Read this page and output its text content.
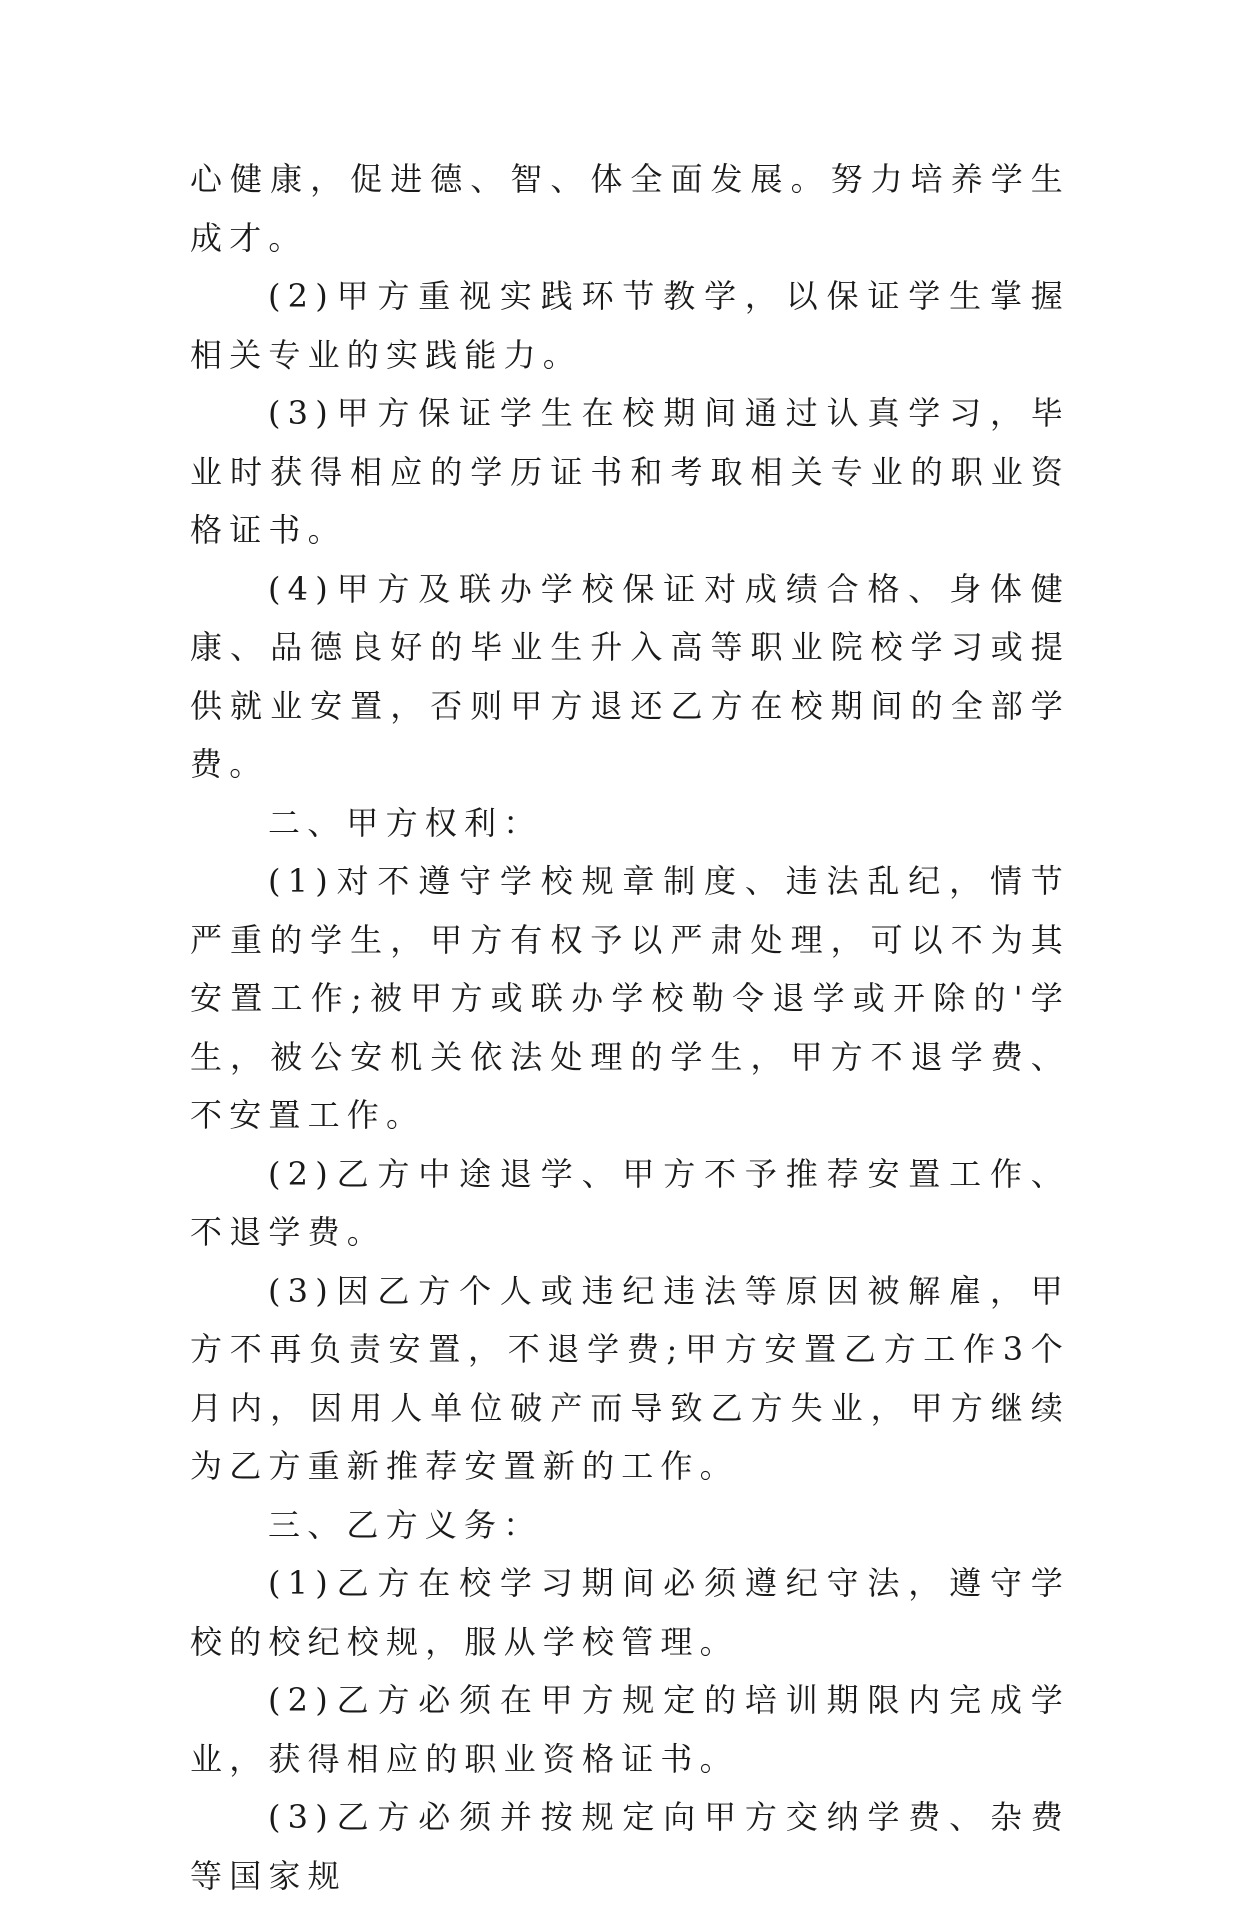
心健康，促进德、智、体全面发展。努力培养学生成才。

(2)甲方重视实践环节教学，以保证学生掌握相关专业的实践能力。

(3)甲方保证学生在校期间通过认真学习，毕业时获得相应的学历证书和考取相关专业的职业资格证书。

(4)甲方及联办学校保证对成绩合格、身体健康、品德良好的毕业生升入高等职业院校学习或提供就业安置，否则甲方退还乙方在校期间的全部学费。

二、甲方权利：

(1)对不遵守学校规章制度、违法乱纪，情节严重的学生，甲方有权予以严肃处理，可以不为其安置工作;被甲方或联办学校勒令退学或开除的'学生，被公安机关依法处理的学生，甲方不退学费、不安置工作。

(2)乙方中途退学、甲方不予推荐安置工作、不退学费。

(3)因乙方个人或违纪违法等原因被解雇，甲方不再负责安置，不退学费;甲方安置乙方工作3个月内，因用人单位破产而导致乙方失业，甲方继续为乙方重新推荐安置新的工作。

三、乙方义务：

(1)乙方在校学习期间必须遵纪守法，遵守学校的校纪校规，服从学校管理。

(2)乙方必须在甲方规定的培训期限内完成学业，获得相应的职业资格证书。

(3)乙方必须并按规定向甲方交纳学费、杂费等国家规
